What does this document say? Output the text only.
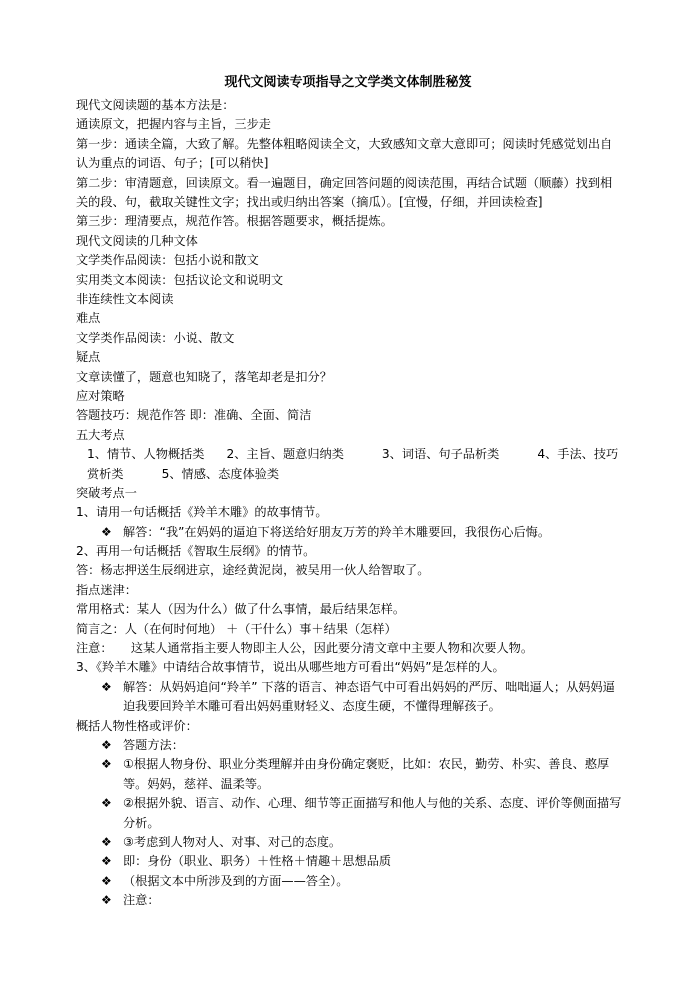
现代文阅读专项指导之文学类文体制胜秘笈
现代文阅读题的基本方法是：
通读原文，把握内容与主旨，三步走
第一步：通读全篇，大致了解。先整体粗略阅读全文，大致感知文章大意即可；阅读时凭感觉划出自认为重点的词语、句子；[可以稍快]
第二步：审清题意，回读原文。看一遍题目，确定回答问题的阅读范围，再结合试题（顺藤）找到相关的段、句，截取关键性文字；找出或归纳出答案（摘瓜）。[宜慢，仔细，并回读检查]
第三步：理清要点，规范作答。根据答题要求，概括提炼。
现代文阅读的几种文体
文学类作品阅读：包括小说和散文
实用类文本阅读：包括议论文和说明文
非连续性文本阅读
难点
文学类作品阅读：小说、散文
疑点
文章读懂了，题意也知晓了，落笔却老是扣分？
应对策略
答题技巧：规范作答 即：准确、全面、简洁
五大考点
1、情节、人物概括类 2、主旨、题意归纳类	3、词语、句子品析类	4、手法、技巧赏析类	5、情感、态度体验类
突破考点一
1、请用一句话概括《羚羊木雕》的故事情节。
❖ 解答：“我”在妈妈的逼迫下将送给好朋友万芳的羚羊木雕要回，我很伤心后悔。
2、再用一句话概括《智取生辰纲》的情节。
答：杨志押送生辰纲进京，途经黄泥岗，被吴用一伙人给智取了。
指点迷津：
常用格式：某人（因为什么）做了什么事情，最后结果怎样。
简言之：人（在何时何地） ＋（干什么）事＋结果（怎样）
注意：　　这某人通常指主要人物即主人公，因此要分清文章中主要人物和次要人物。
3、《羚羊木雕》中请结合故事情节，说出从哪些地方可看出“妈妈”是怎样的人。
❖ 解答：从妈妈追问“羚羊” 下落的语言、神态语气中可看出妈妈的严厉、咄咄逼人；从妈妈逼迫我要回羚羊木雕可看出妈妈重财轻义、态度生硬，不懂得理解孩子。
概括人物性格或评价：
❖ 答题方法：
❖ ①根据人物身份、职业分类理解并由身份确定褒贬，比如：农民，勤劳、朴实、善良、憨厚等。妈妈，慈祥、温柔等。
❖ ②根据外貌、语言、动作、心理、细节等正面描写和他人与他的关系、态度、评价等侧面描写分析。
❖ ③考虑到人物对人、对事、对己的态度。
❖ 即：身份（职业、职务）＋性格＋情趣＋思想品质
❖ （根据文本中所涉及到的方面——答全）。
❖ 注意：
